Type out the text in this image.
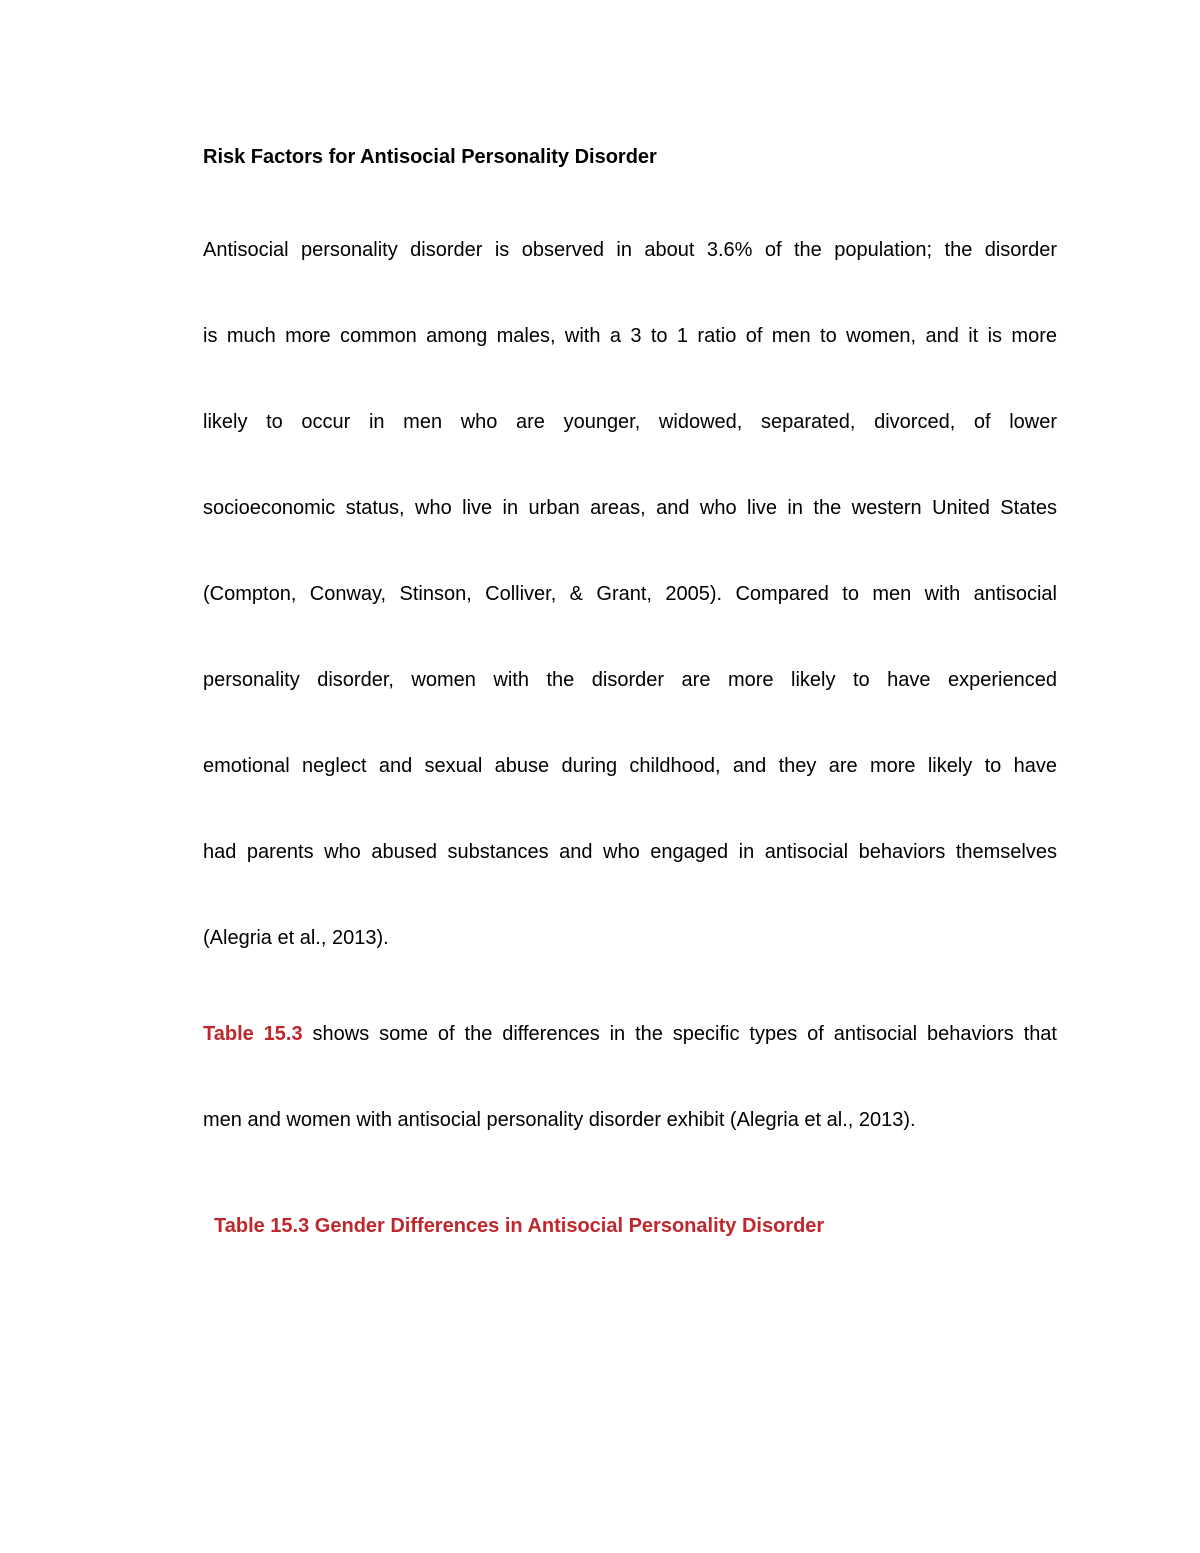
Risk Factors for Antisocial Personality Disorder
Antisocial personality disorder is observed in about 3.6% of the population; the disorder
is much more common among males, with a 3 to 1 ratio of men to women, and it is more
likely to occur in men who are younger, widowed, separated, divorced, of lower
socioeconomic status, who live in urban areas, and who live in the western United States
(Compton, Conway, Stinson, Colliver, & Grant, 2005). Compared to men with antisocial
personality disorder, women with the disorder are more likely to have experienced
emotional neglect and sexual abuse during childhood, and they are more likely to have
had parents who abused substances and who engaged in antisocial behaviors themselves
(Alegria et al., 2013).
Table 15.3 shows some of the differences in the specific types of antisocial behaviors that
men and women with antisocial personality disorder exhibit (Alegria et al., 2013).
Table 15.3 Gender Differences in Antisocial Personality Disorder
